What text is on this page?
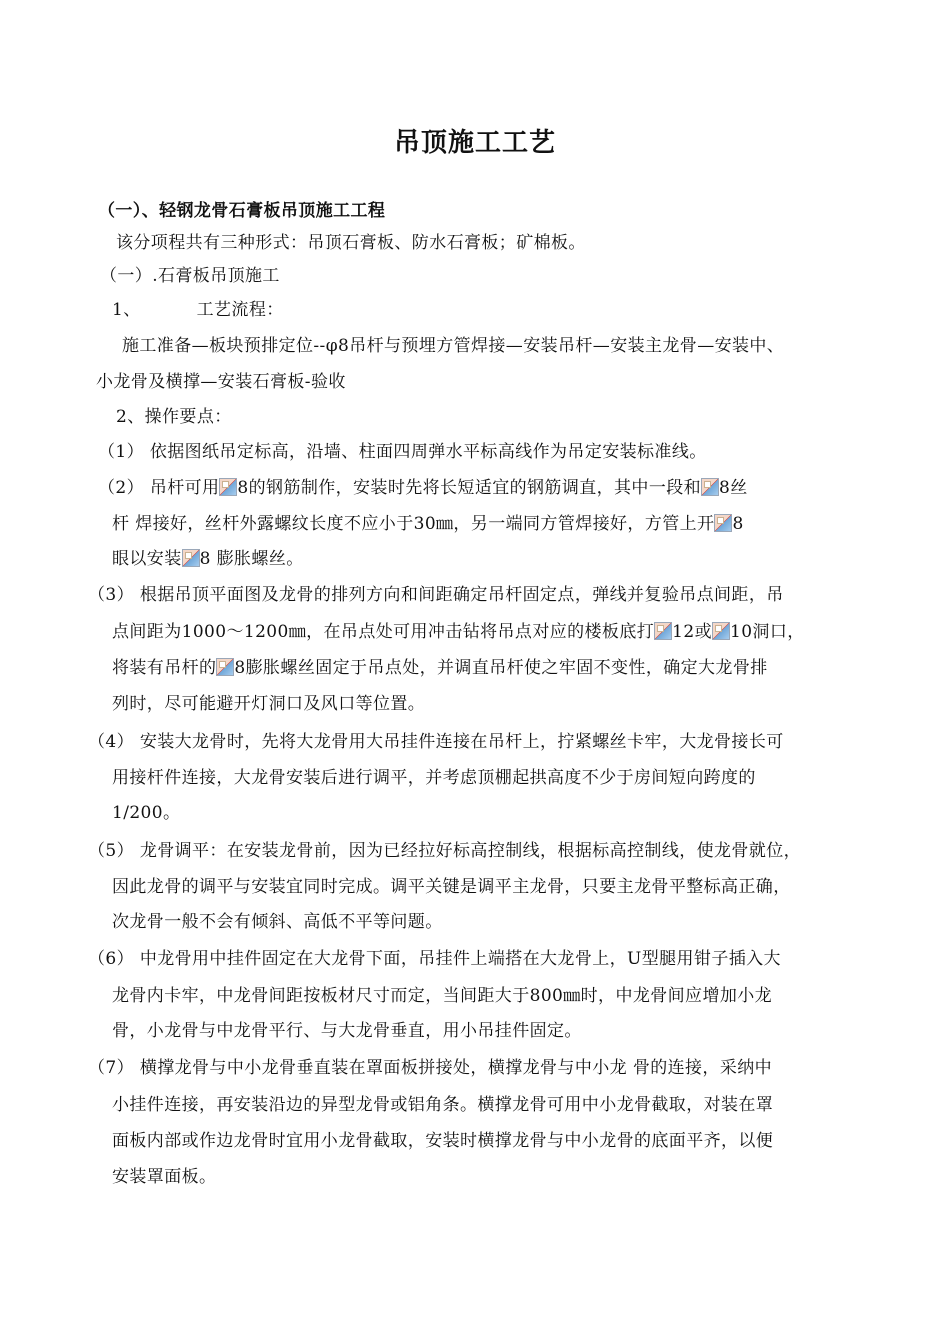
吊顶施工工艺
（一）、轻钢龙骨石膏板吊顶施工工程
该分项程共有三种形式：吊顶石膏板、防水石膏板；矿棉板。
（一）.石膏板吊顶施工
1、	工艺流程：
施工准备—板块预排定位--φ8吊杆与预埋方管焊接—安装吊杆—安装主龙骨—安装中、
小龙骨及横撑—安装石膏板-验收
2、操作要点：
（1） 依据图纸吊定标高，沿墙、柱面四周弹水平标高线作为吊定安装标准线。
（2） 吊杆可用 8的钢筋制作，安装时先将长短适宜的钢筋调直，其中一段和 8丝
杆 焊接好，丝杆外露螺纹长度不应小于30㎜，另一端同方管焊接好，方管上开 8
眼以安装 8 膨胀螺丝。
（3） 根据吊顶平面图及龙骨的排列方向和间距确定吊杆固定点，弹线并复验吊点间距，吊
点间距为1000～1200㎜，在吊点处可用冲击钻将吊点对应的楼板底打 12或 10洞口，
将装有吊杆的 8膨胀螺丝固定于吊点处，并调直吊杆使之牢固不变性，确定大龙骨排
列时，尽可能避开灯洞口及风口等位置。
（4） 安装大龙骨时，先将大龙骨用大吊挂件连接在吊杆上，拧紧螺丝卡牢，大龙骨接长可
用接杆件连接，大龙骨安装后进行调平，并考虑顶棚起拱高度不少于房间短向跨度的
1/200。
（5） 龙骨调平：在安装龙骨前，因为已经拉好标高控制线，根据标高控制线，使龙骨就位，
因此龙骨的调平与安装宜同时完成。调平关键是调平主龙骨，只要主龙骨平整标高正确，
次龙骨一般不会有倾斜、高低不平等问题。
（6） 中龙骨用中挂件固定在大龙骨下面，吊挂件上端搭在大龙骨上，U型腿用钳子插入大
龙骨内卡牢，中龙骨间距按板材尺寸而定，当间距大于800㎜时，中龙骨间应增加小龙
骨，小龙骨与中龙骨平行、与大龙骨垂直，用小吊挂件固定。
（7） 横撑龙骨与中小龙骨垂直装在罩面板拼接处，横撑龙骨与中小龙 骨的连接，采纳中
小挂件连接，再安装沿边的异型龙骨或铝角条。横撑龙骨可用中小龙骨截取，对装在罩
面板内部或作边龙骨时宜用小龙骨截取，安装时横撑龙骨与中小龙骨的底面平齐，以便
安装罩面板。
